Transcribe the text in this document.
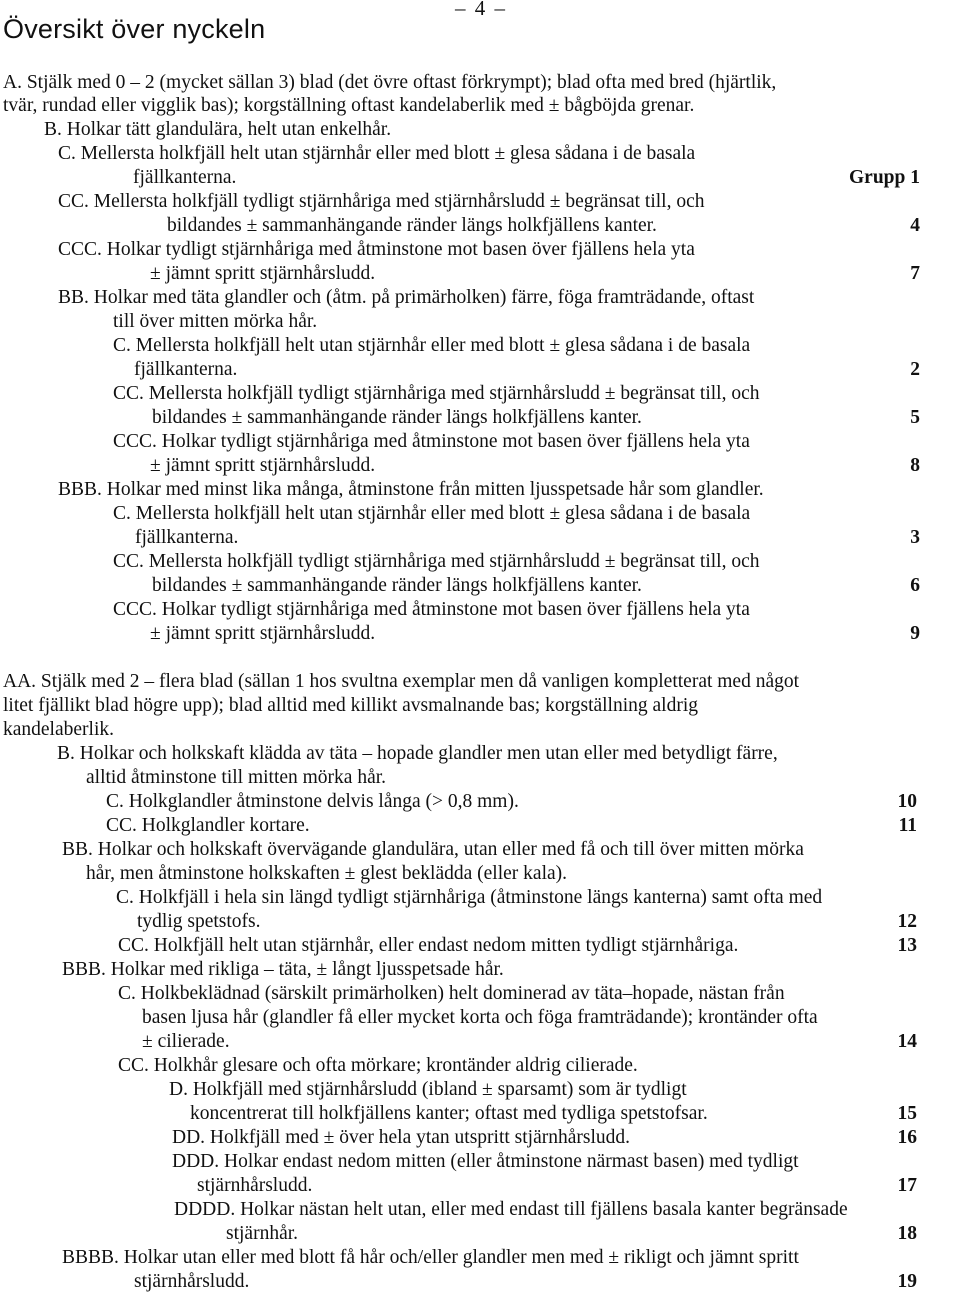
– 4 –
Översikt över nyckeln
A. Stjälk med 0 – 2 (mycket sällan 3) blad (det övre oftast förkrympt); blad ofta med bred (hjärtlik,
tvär, rundad eller vigglik bas); korgställning oftast kandelaberlik med ± bågböjda grenar.
B. Holkar tätt glandulära, helt utan enkelhår.
C. Mellersta holkfjäll helt utan stjärnhår eller med blott ± glesa sådana i de basala
fjällkanterna.
CC. Mellersta holkfjäll tydligt stjärnhåriga med stjärnhårsludd ± begränsat till, och
bildandes ± sammanhängande ränder längs holkfjällens kanter.
CCC. Holkar tydligt stjärnhåriga med åtminstone mot basen över fjällens hela yta
± jämnt spritt stjärnhårsludd.
BB. Holkar med täta glandler och (åtm. på primärholken) färre, föga framträdande, oftast
till över mitten mörka hår.
C. Mellersta holkfjäll helt utan stjärnhår eller med blott ± glesa sådana i de basala
fjällkanterna.
CC. Mellersta holkfjäll tydligt stjärnhåriga med stjärnhårsludd ± begränsat till, och
bildandes ± sammanhängande ränder längs holkfjällens kanter.
CCC. Holkar tydligt stjärnhåriga med åtminstone mot basen över fjällens hela yta
± jämnt spritt stjärnhårsludd.
BBB. Holkar med minst lika många, åtminstone från mitten ljusspetsade hår som glandler.
C. Mellersta holkfjäll helt utan stjärnhår eller med blott ± glesa sådana i de basala
fjällkanterna.
CC. Mellersta holkfjäll tydligt stjärnhåriga med stjärnhårsludd ± begränsat till, och
bildandes ± sammanhängande ränder längs holkfjällens kanter.
CCC. Holkar tydligt stjärnhåriga med åtminstone mot basen över fjällens hela yta
± jämnt spritt stjärnhårsludd.
AA. Stjälk med 2 – flera blad (sällan 1 hos svultna exemplar men då vanligen kompletterat med något
litet fjällikt blad högre upp); blad alltid med killikt avsmalnande bas; korgställning aldrig
kandelaberlik.
B. Holkar och holkskaft klädda av täta – hopade glandler men utan eller med betydligt färre,
alltid åtminstone till mitten mörka hår.
C. Holkglandler åtminstone delvis långa (> 0,8 mm).
CC. Holkglandler kortare.
BB. Holkar och holkskaft övervägande glandulära, utan eller med få och till över mitten mörka
hår, men åtminstone holkskaften ± glest beklädda (eller kala).
C. Holkfjäll i hela sin längd tydligt stjärnhåriga (åtminstone längs kanterna) samt ofta med
tydlig spetstofs.
CC. Holkfjäll helt utan stjärnhår, eller endast nedom mitten tydligt stjärnhåriga.
BBB. Holkar med rikliga – täta, ± långt ljusspetsade hår.
C. Holkbeklädnad (särskilt primärholken) helt dominerad av täta–hopade, nästan från
basen ljusa hår (glandler få eller mycket korta och föga framträdande); krontänder ofta
± cilierade.
CC. Holkhår glesare och ofta mörkare; krontänder aldrig cilierade.
D. Holkfjäll med stjärnhårsludd (ibland ± sparsamt) som är tydligt
koncentrerat till holkfjällens kanter; oftast med tydliga spetstofsar.
DD. Holkfjäll med ± över hela ytan utspritt stjärnhårsludd.
DDD. Holkar endast nedom mitten (eller åtminstone närmast basen) med tydligt
stjärnhårsludd.
DDDD. Holkar nästan helt utan, eller med endast till fjällens basala kanter begränsade
stjärnhår.
BBBB. Holkar utan eller med blott få hår och/eller glandler men med ± rikligt och jämnt spritt
stjärnhårsludd.
Grupp 1
4
7
2
5
8
3
6
9
10
11
12
13
14
15
16
17
18
19
